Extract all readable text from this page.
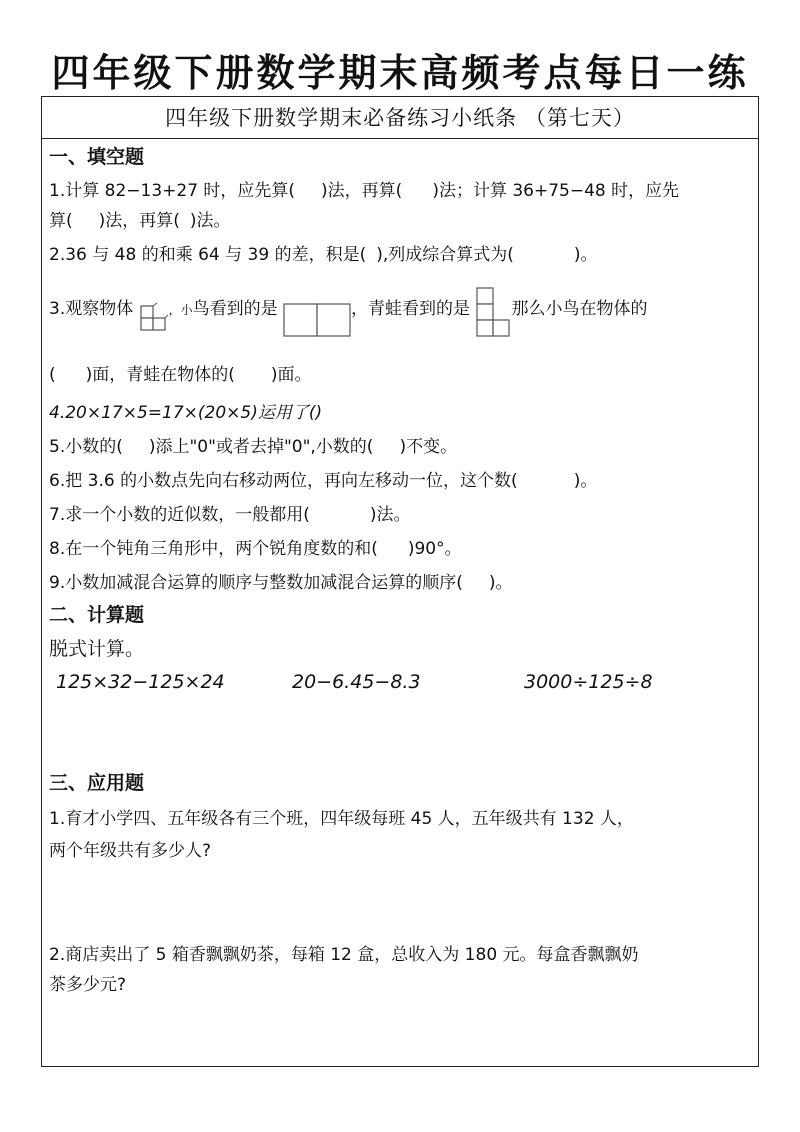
四年级下册数学期末高频考点每日一练
四年级下册数学期末必备练习小纸条 （第七天）
一、填空题
1.计算 82−13+27 时，应先算( )法，再算( )法；计算 36+75−48 时，应先
算( )法，再算( )法。
2.36 与 48 的和乘 64 与 39 的差，积是( ),列成综合算式为(	)。
3.观察物体	，小鸟看到的是	，青蛙看到的是 那么小鸟在物体的
( )面，青蛙在物体的( )面。
4.20×17×5=17×(20×5)运用了()
5.小数的( )添上"0"或者去掉"0",小数的( )不变。
6.把 3.6 的小数点先向右移动两位，再向左移动一位，这个数(	)。
7.求一个小数的近似数，一般都用(	)法。
8.在一个钝角三角形中，两个锐角度数的和( )90°。
9.小数加减混合运算的顺序与整数加减混合运算的顺序( )。
二、计算题
脱式计算。
125×32−125×24	20−6.45−8.3	3000÷125÷8
三、应用题
1.育才小学四、五年级各有三个班，四年级每班 45 人，五年级共有 132 人，
两个年级共有多少人?
2.商店卖出了 5 箱香飘飘奶茶，每箱 12 盒，总收入为 180 元。每盒香飘飘奶
茶多少元?
